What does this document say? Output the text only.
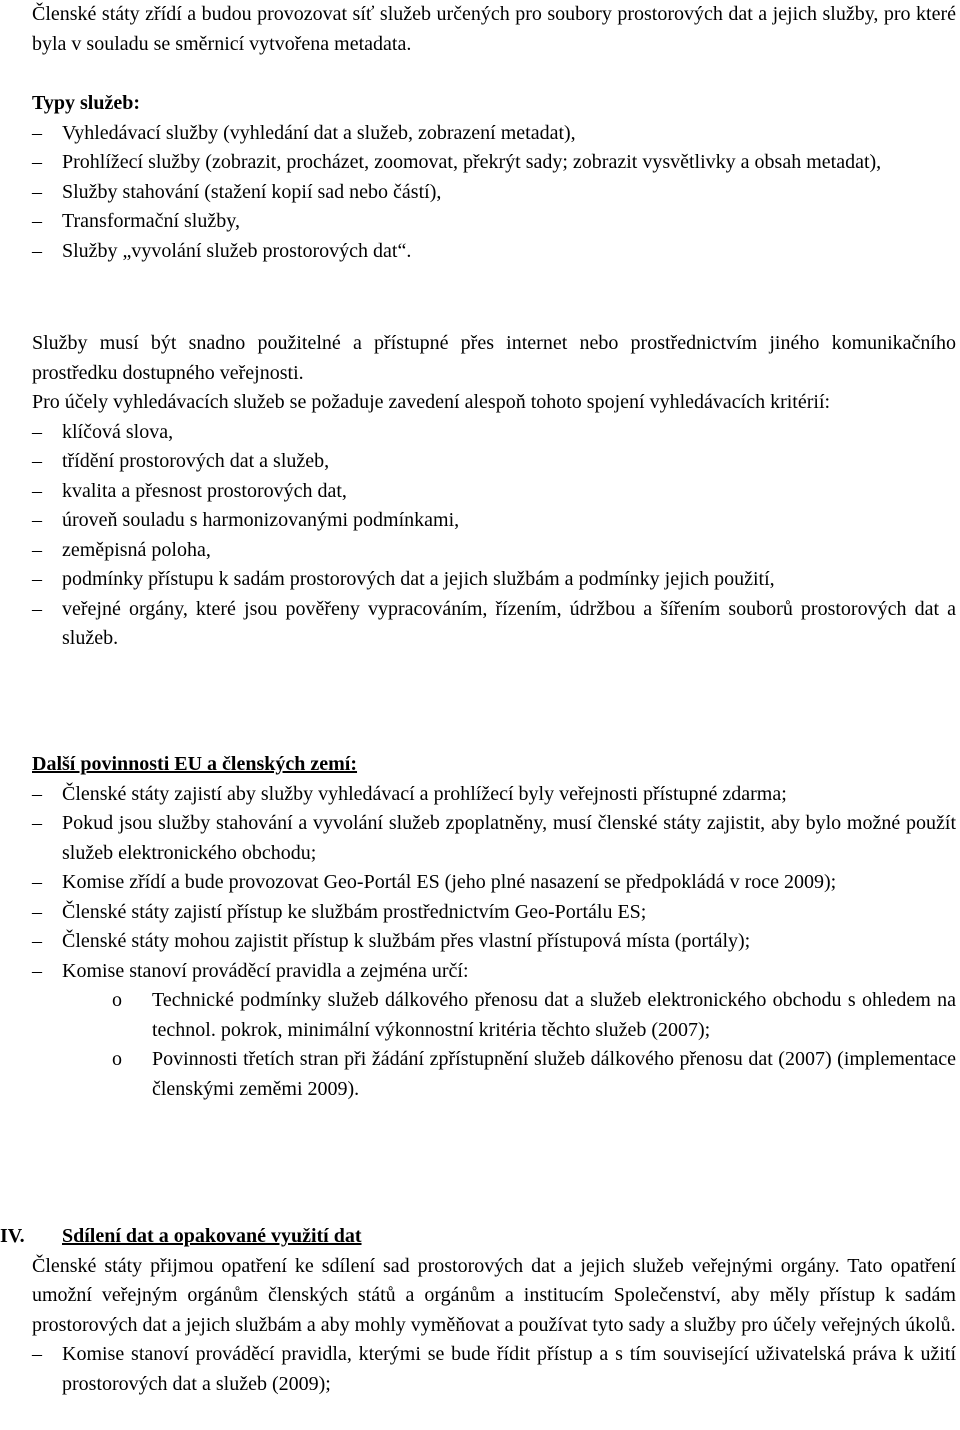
Členské státy zřídí a budou provozovat síť služeb určených pro soubory prostorových dat a jejich služby, pro které byla v souladu se směrnicí vytvořena metadata.
Typy služeb:
–	Vyhledávací služby (vyhledání dat a služeb, zobrazení metadat),
–	Prohlížecí služby (zobrazit, procházet, zoomovat, překrýt sady; zobrazit vysvětlivky a obsah metadat),
–	Služby stahování (stažení kopií sad nebo částí),
–	Transformační služby,
–	Služby „vyvolání služeb prostorových dat“.
Služby musí být snadno použitelné a přístupné přes internet nebo prostřednictvím jiného komunikačního prostředku dostupného veřejnosti.
Pro účely vyhledávacích služeb se požaduje zavedení alespoň tohoto spojení vyhledávacích kritérií:
–	klíčová slova,
–	třídění prostorových dat a služeb,
–	kvalita a přesnost prostorových dat,
–	úroveň souladu s harmonizovanými podmínkami,
–	zeměpisná poloha,
–	podmínky přístupu k sadám prostorových dat a jejich službám a podmínky jejich použití,
–	veřejné orgány, které jsou pověřeny vypracováním, řízením, údržbou a šířením souborů prostorových dat a služeb.
Další povinnosti EU a členských zemí:
–	Členské státy zajistí aby služby vyhledávací a prohlížecí byly veřejnosti přístupné zdarma;
–	Pokud jsou služby stahování a vyvolání služeb zpoplatněny, musí členské státy zajistit, aby bylo možné použít služeb elektronického obchodu;
–	Komise zřídí a bude provozovat Geo-Portál ES (jeho plné nasazení se předpokládá v roce 2009);
–	Členské státy zajistí přístup ke službám prostřednictvím Geo-Portálu ES;
–	Členské státy mohou zajistit přístup k službám přes vlastní přístupová místa (portály);
–	Komise stanoví prováděcí pravidla a zejména určí:
o Technické podmínky služeb dálkového přenosu dat a služeb elektronického obchodu s ohledem na technol. pokrok, minimální výkonnostní kritéria těchto služeb (2007);
o Povinnosti třetích stran při žádání zpřístupnění služeb dálkového přenosu dat (2007) (implementace členskými zeměmi 2009).
IV. Sdílení dat a opakované využití dat
Členské státy přijmou opatření ke sdílení sad prostorových dat a jejich služeb veřejnými orgány. Tato opatření umožní veřejným orgánům členských států a orgánům a institucím Společenství, aby měly přístup k sadám prostorových dat a jejich službám a aby mohly vyměňovat a používat tyto sady a služby pro účely veřejných úkolů.
–	Komise stanoví prováděcí pravidla, kterými se bude řídit přístup a s tím související uživatelská práva k užití prostorových dat a služeb (2009);
